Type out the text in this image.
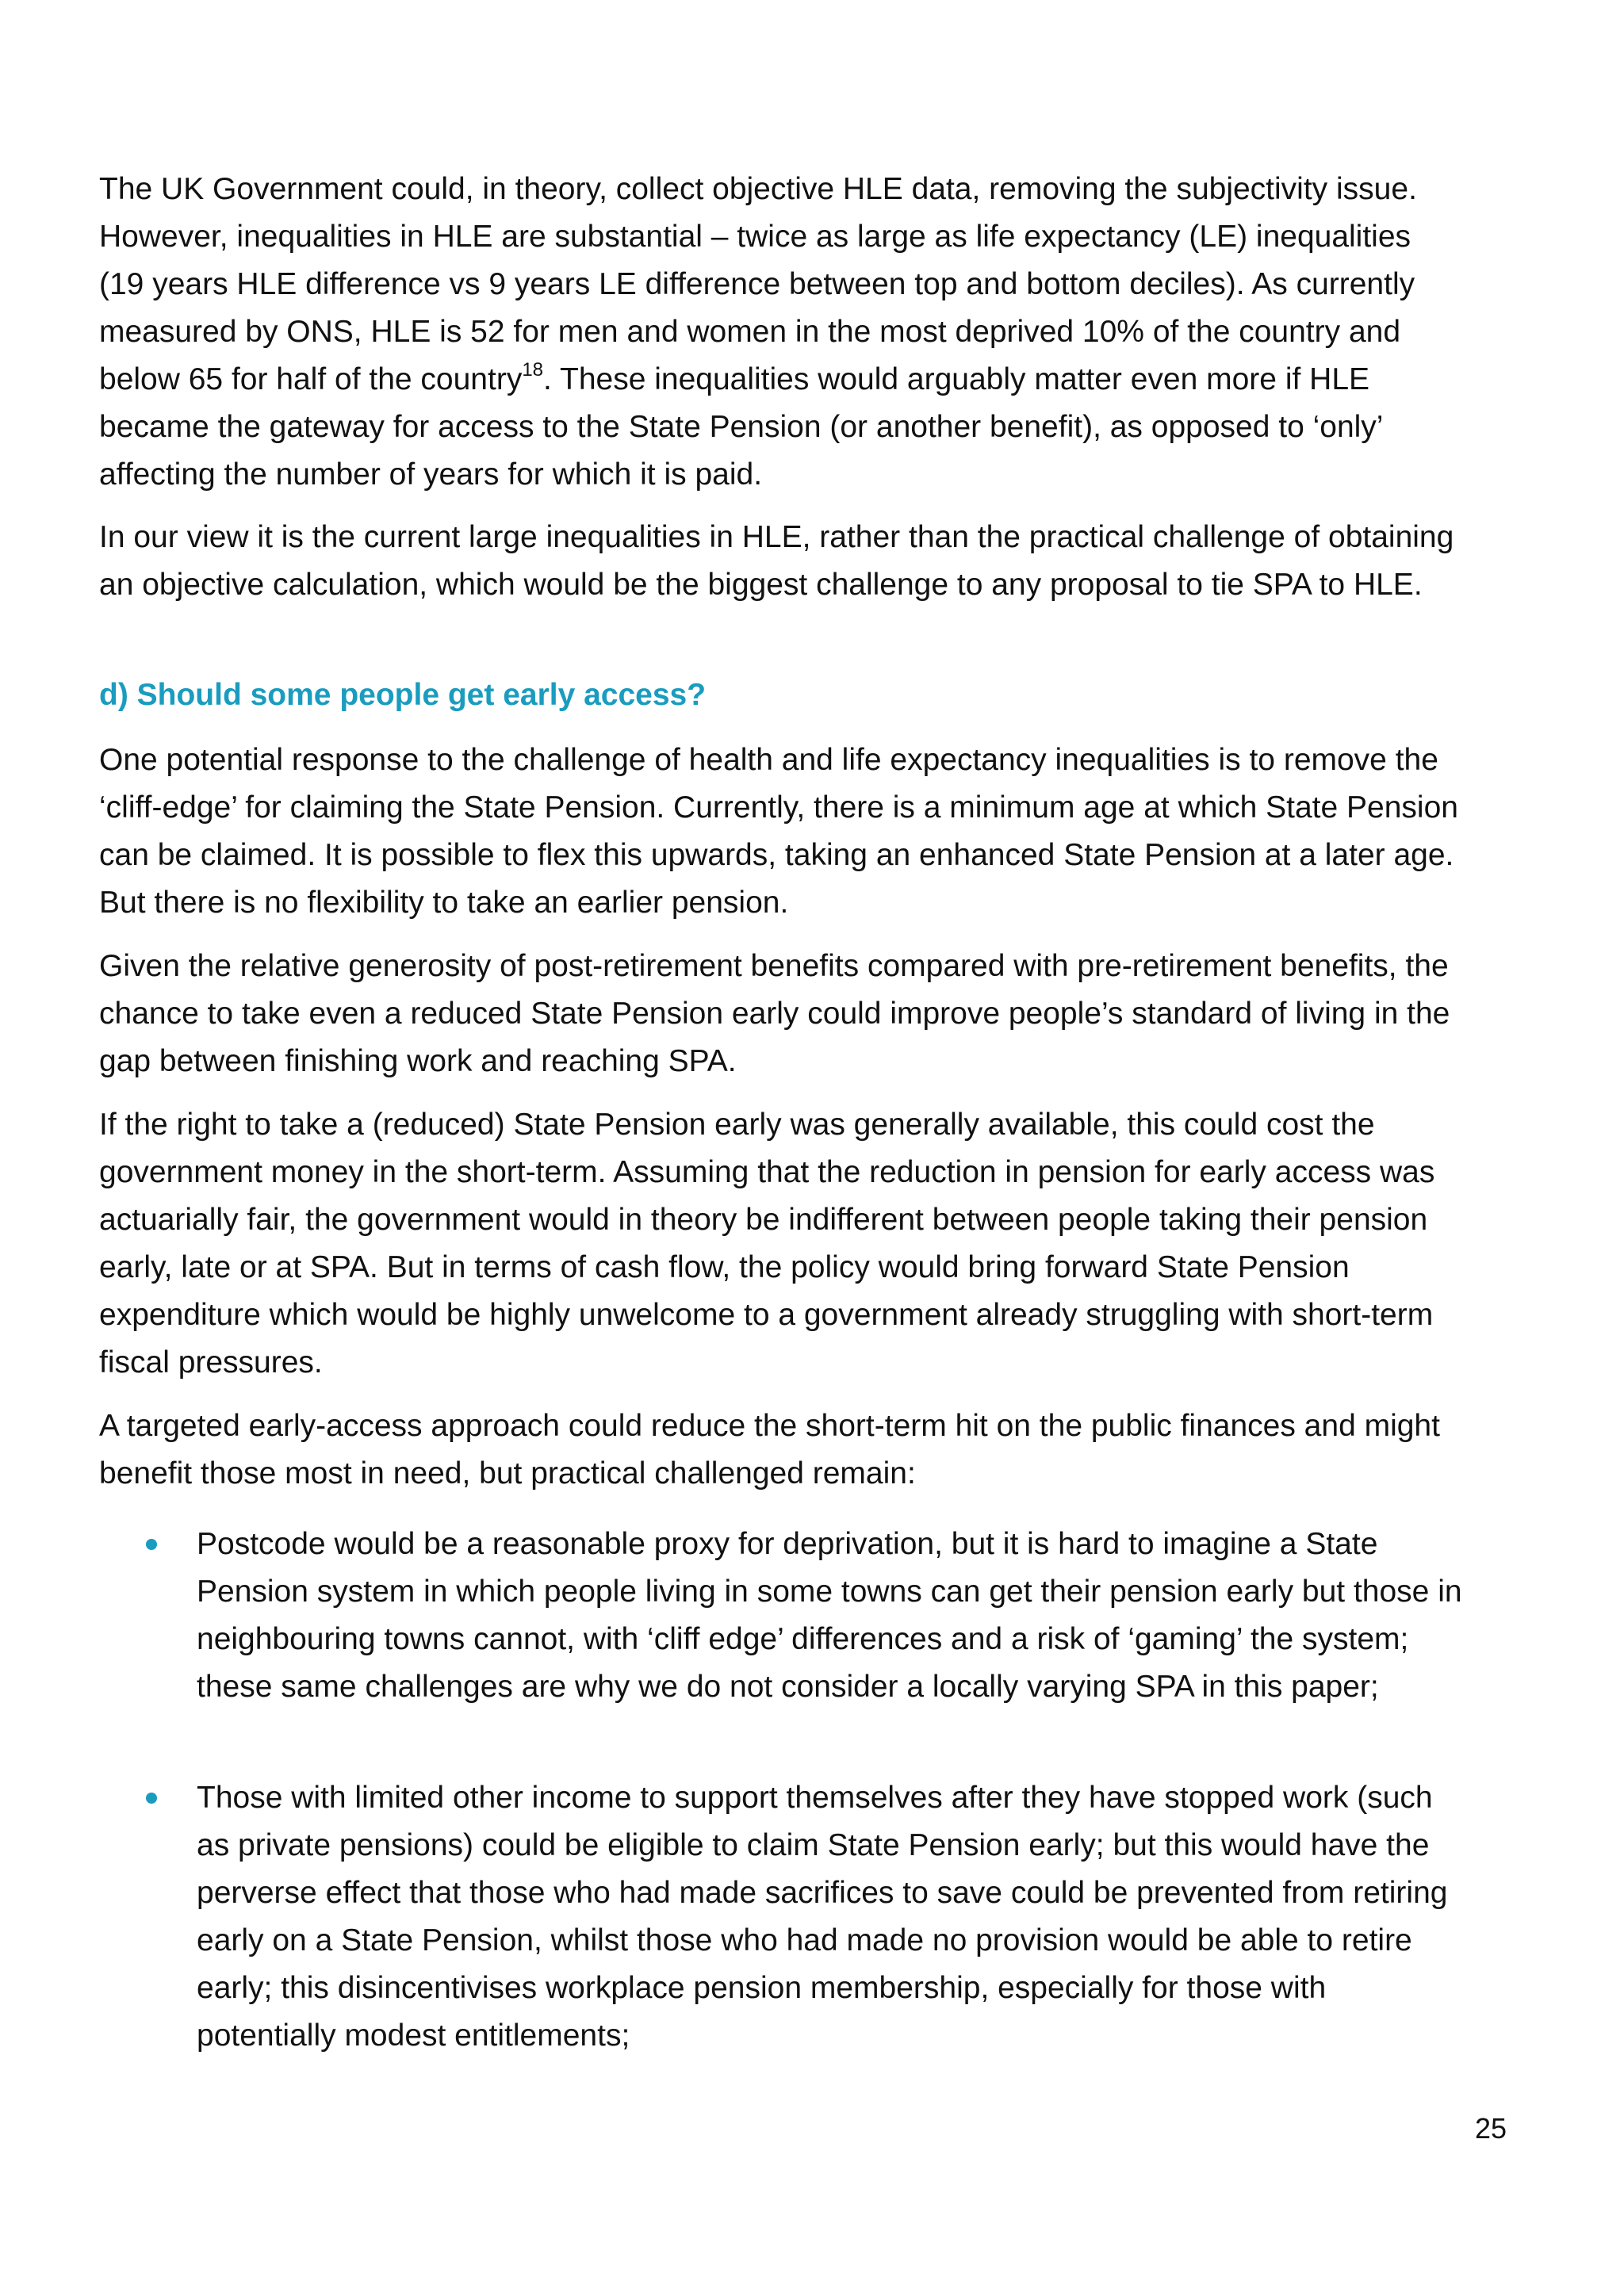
The UK Government could, in theory, collect objective HLE data, removing the subjectivity issue. However, inequalities in HLE are substantial – twice as large as life expectancy (LE) inequalities (19 years HLE difference vs 9 years LE difference between top and bottom deciles). As currently measured by ONS, HLE is 52 for men and women in the most deprived 10% of the country and below 65 for half of the country$^{18}$. These inequalities would arguably matter even more if HLE became the gateway for access to the State Pension (or another benefit), as opposed to ‘only’ affecting the number of years for which it is paid.

In our view it is the current large inequalities in HLE, rather than the practical challenge of obtaining an objective calculation, which would be the biggest challenge to any proposal to tie SPA to HLE.

d) Should some people get early access?

One potential response to the challenge of health and life expectancy inequalities is to remove the ‘cliff-edge’ for claiming the State Pension. Currently, there is a minimum age at which State Pension can be claimed. It is possible to flex this upwards, taking an enhanced State Pension at a later age. But there is no flexibility to take an earlier pension.

Given the relative generosity of post-retirement benefits compared with pre-retirement benefits, the chance to take even a reduced State Pension early could improve people’s standard of living in the gap between finishing work and reaching SPA.

If the right to take a (reduced) State Pension early was generally available, this could cost the government money in the short-term. Assuming that the reduction in pension for early access was actuarially fair, the government would in theory be indifferent between people taking their pension early, late or at SPA. But in terms of cash flow, the policy would bring forward State Pension expenditure which would be highly unwelcome to a government already struggling with short-term fiscal pressures.

A targeted early-access approach could reduce the short-term hit on the public finances and might benefit those most in need, but practical challenged remain:

Postcode would be a reasonable proxy for deprivation, but it is hard to imagine a State Pension system in which people living in some towns can get their pension early but those in neighbouring towns cannot, with ‘cliff edge’ differences and a risk of ‘gaming’ the system; these same challenges are why we do not consider a locally varying SPA in this paper;

Those with limited other income to support themselves after they have stopped work (such as private pensions) could be eligible to claim State Pension early; but this would have the perverse effect that those who had made sacrifices to save could be prevented from retiring early on a State Pension, whilst those who had made no provision would be able to retire early; this disincentivises workplace pension membership, especially for those with potentially modest entitlements;

25
